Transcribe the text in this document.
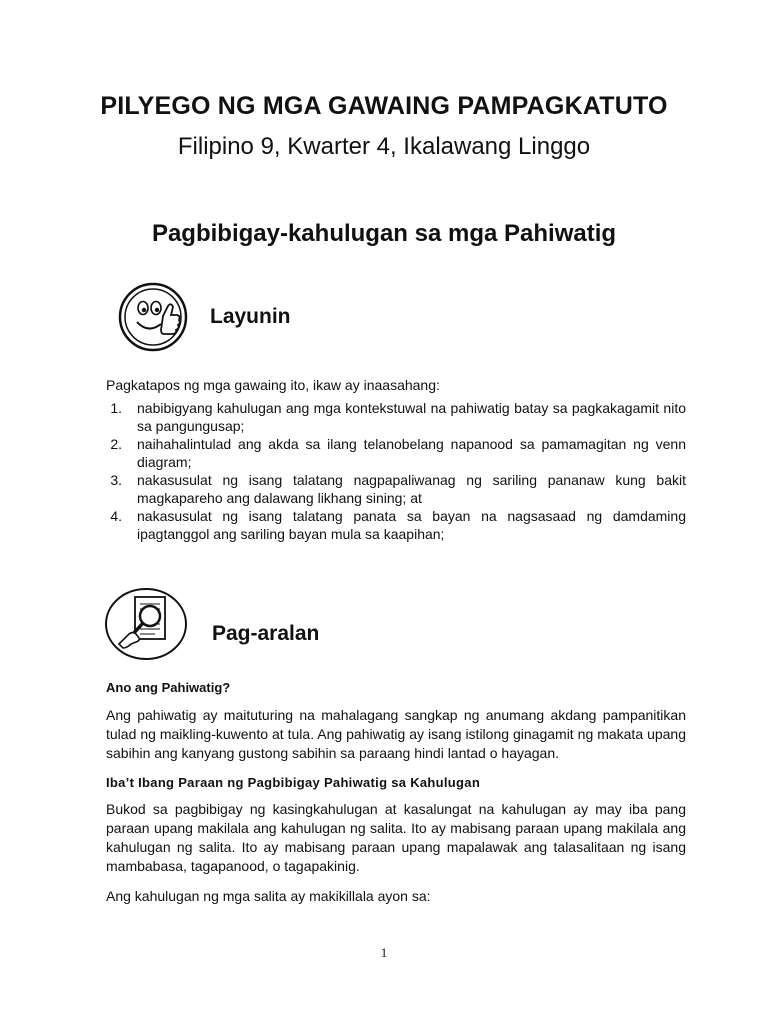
PILYEGO NG MGA GAWAING PAMPAGKATUTO
Filipino 9, Kwarter 4, Ikalawang Linggo
Pagbibigay-kahulugan sa mga Pahiwatig
Layunin
Pagkatapos ng mga gawaing ito, ikaw ay inaasahang:
1. nabibigyang kahulugan ang mga kontekstuwal na pahiwatig batay sa pagkakagamit nito sa pangungusap;
2. naihahalintulad ang akda sa ilang telanobelang napanood sa pamamagitan ng venn diagram;
3. nakasusulat ng isang talatang nagpapaliwanag ng sariling pananaw kung bakit magkapareho ang dalawang likhang sining; at
4. nakasusulat ng isang talatang panata sa bayan na nagsasaad ng damdaming ipagtanggol ang sariling bayan mula sa kaapihan;
Pag-aralan
Ano ang Pahiwatig?
Ang pahiwatig ay maituturing na mahalagang sangkap ng anumang akdang pampanitikan tulad ng maikling-kuwento at tula. Ang pahiwatig ay isang istilong ginagamit ng makata upang sabihin ang kanyang gustong sabihin sa paraang hindi lantad o hayagan.
Iba’t Ibang Paraan ng Pagbibigay Pahiwatig sa Kahulugan
Bukod sa pagbibigay ng kasingkahulugan at kasalungat na kahulugan ay may iba pang paraan upang makilala ang kahulugan ng salita. Ito ay mabisang paraan upang makilala ang kahulugan ng salita. Ito ay mabisang paraan upang mapalawak ang talasalitaan ng isang mambabasa, tagapanood, o tagapakinig.
Ang kahulugan ng mga salita ay makikillala ayon sa:
1
